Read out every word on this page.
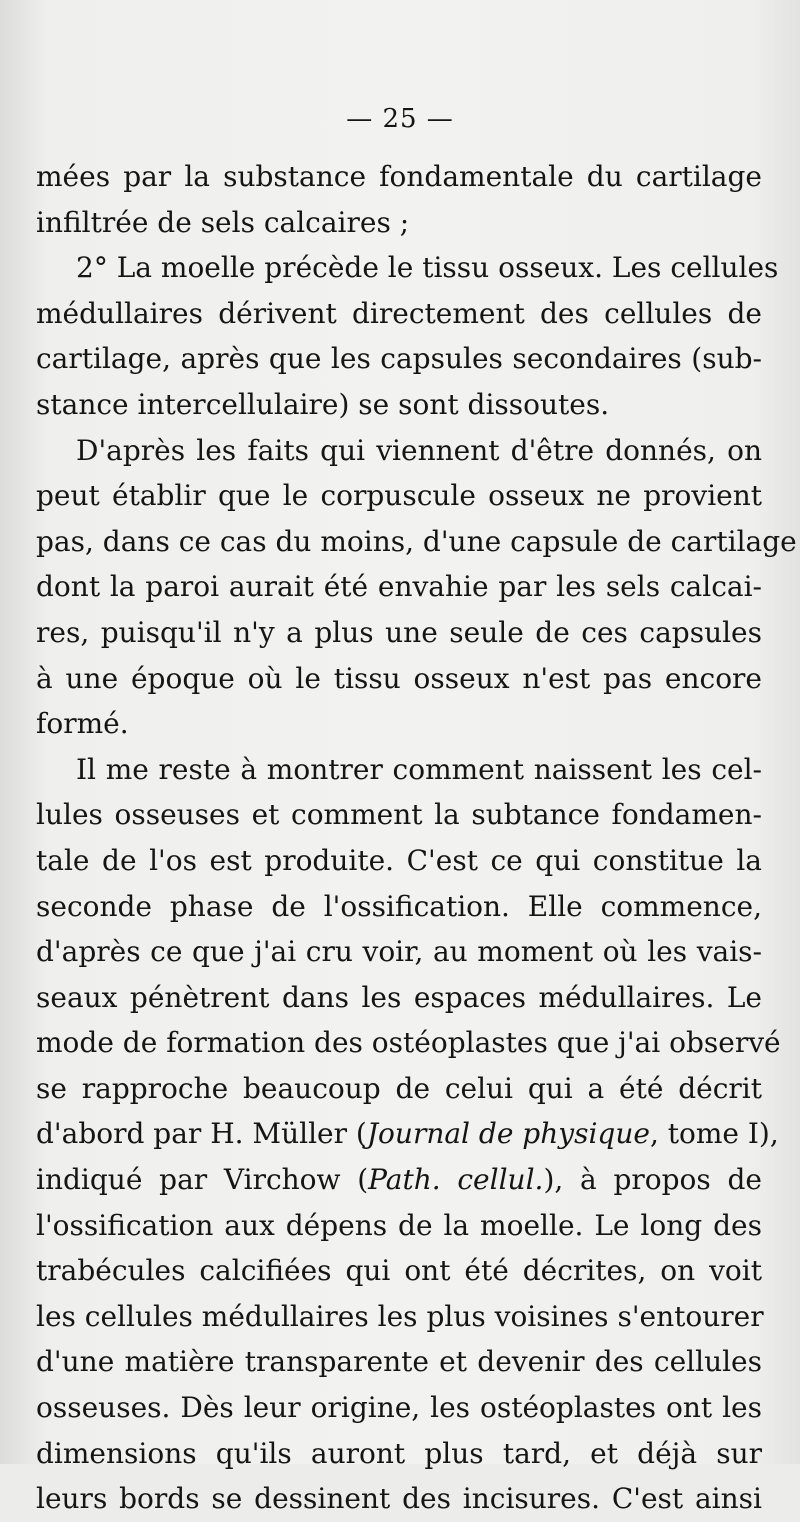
— 25 —
mées par la substance fondamentale du cartilage
infiltrée de sels calcaires ;
2° La moelle précède le tissu osseux. Les cellules
médullaires dérivent directement des cellules de
cartilage, après que les capsules secondaires (sub-
stance intercellulaire) se sont dissoutes.
D'après les faits qui viennent d'être donnés, on
peut établir que le corpuscule osseux ne provient
pas, dans ce cas du moins, d'une capsule de cartilage
dont la paroi aurait été envahie par les sels calcai-
res, puisqu'il n'y a plus une seule de ces capsules
à une époque où le tissu osseux n'est pas encore
formé.
Il me reste à montrer comment naissent les cel-
lules osseuses et comment la subtance fondamen-
tale de l'os est produite. C'est ce qui constitue la
seconde phase de l'ossification. Elle commence,
d'après ce que j'ai cru voir, au moment où les vais-
seaux pénètrent dans les espaces médullaires. Le
mode de formation des ostéoplastes que j'ai observé
se rapproche beaucoup de celui qui a été décrit
d'abord par H. Müller (Journal de physique, tome I),
indiqué par Virchow (Path. cellul.), à propos de
l'ossification aux dépens de la moelle. Le long des
trabécules calcifiées qui ont été décrites, on voit
les cellules médullaires les plus voisines s'entourer
d'une matière transparente et devenir des cellules
osseuses. Dès leur origine, les ostéoplastes ont les
dimensions qu'ils auront plus tard, et déjà sur
leurs bords se dessinent des incisures. C'est ainsi
